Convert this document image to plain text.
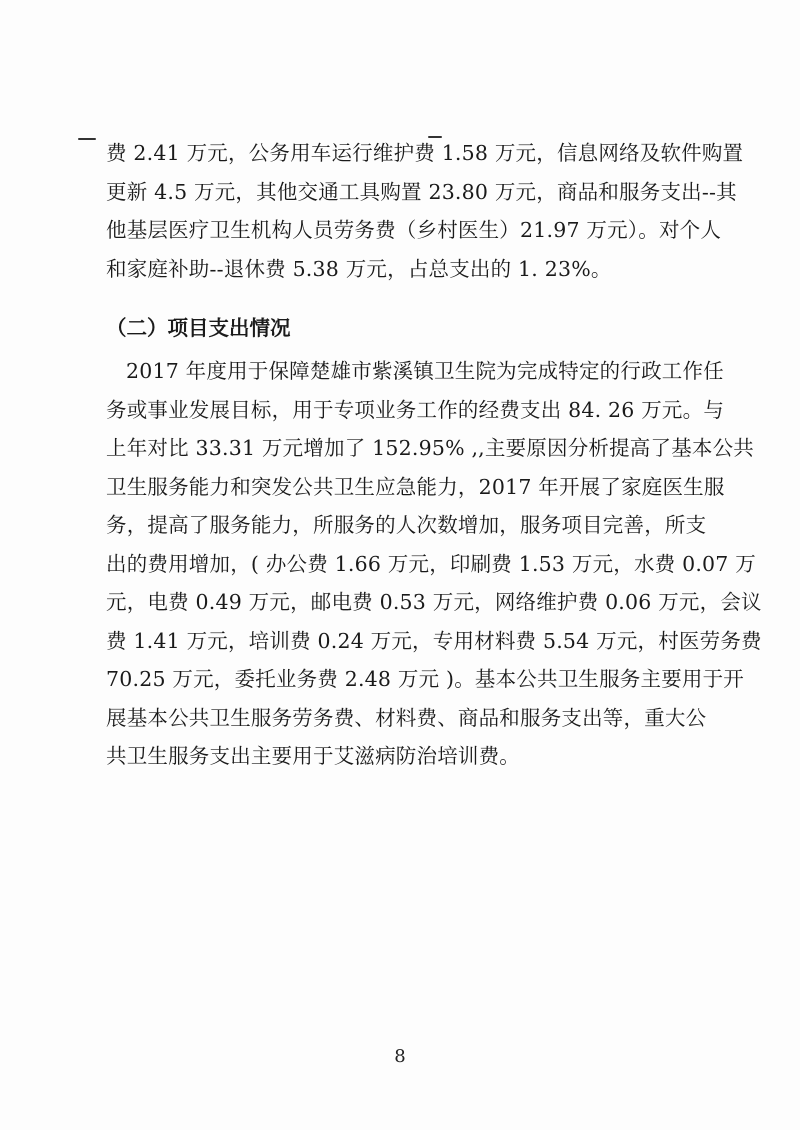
费 2.41 万元，公务用车运行维护费 1.58 万元，信息网络及软件购置
更新 4.5 万元，其他交通工具购置 23.80 万元，商品和服务支出--其
他基层医疗卫生机构人员劳务费（乡村医生）21.97 万元）。对个人
和家庭补助--退休费 5.38 万元，占总支出的 1. 23%。
（二）项目支出情况
2017 年度用于保障楚雄市紫溪镇卫生院为完成特定的行政工作任
务或事业发展目标，用于专项业务工作的经费支出 84. 26 万元。与
上年对比 33.31 万元增加了 152.95% ,,主要原因分析提高了基本公共
卫生服务能力和突发公共卫生应急能力，2017 年开展了家庭医生服
务，提高了服务能力，所服务的人次数增加，服务项目完善，所支
出的费用增加，( 办公费 1.66 万元，印刷费 1.53 万元，水费 0.07 万
元，电费 0.49 万元，邮电费 0.53 万元，网络维护费 0.06 万元，会议
费 1.41 万元，培训费 0.24 万元，专用材料费 5.54 万元，村医劳务费
70.25 万元，委托业务费 2.48 万元 )。基本公共卫生服务主要用于开
展基本公共卫生服务劳务费、材料费、商品和服务支出等，重大公
共卫生服务支出主要用于艾滋病防治培训费。
8
